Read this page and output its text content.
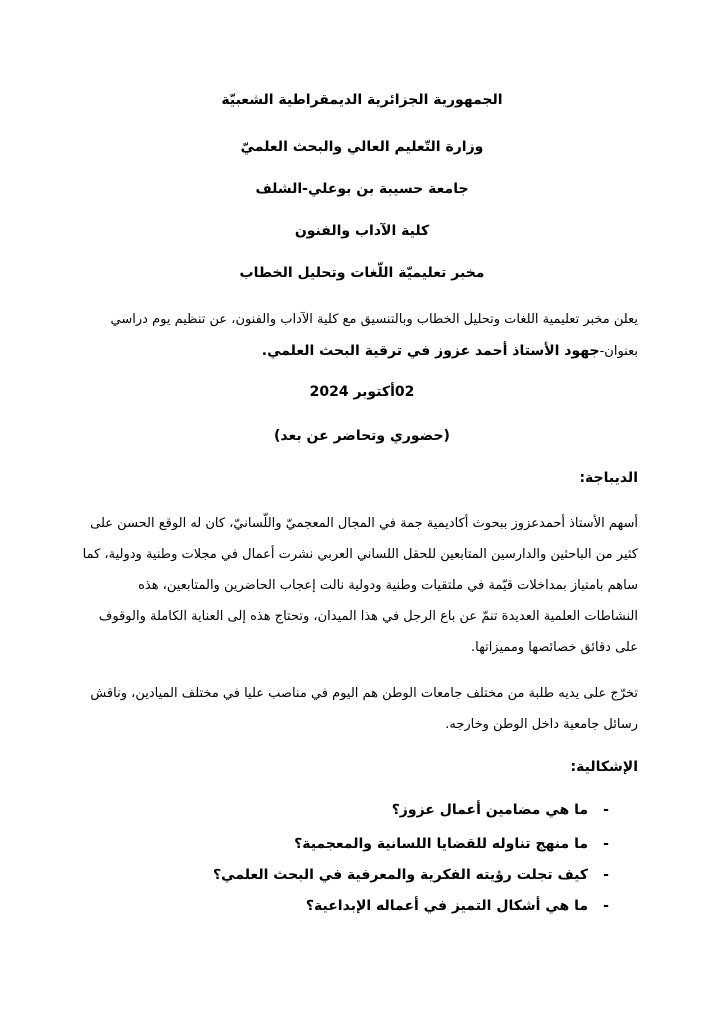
الجمهورية الجزائرية الديمقراطية الشعبيّة
وزارة التّعليم العالي والبحث العلميّ
جامعة حسيبة بن بوعلي-الشلف
كلية الآداب والفنون
مخبر تعليميّة اللّغات وتحليل الخطاب
يعلن مخبر تعليمية اللغات وتحليل الخطاب وبالتنسيق مع كلية الآداب والفنون، عن تنظيم يوم دراسي
بعنوان-جهود الأستاذ أحمد عزوز في ترقية البحث العلمي.
02أكتوبر 2024
(حضوري وتحاضر عن بعد)
الديباجة:
أسهم الأستاذ أحمدعزوز ببحوث أكاديمية جمة في المجال المعجميّ واللّسانيّ، كان له الوقع الحسن على
كثير من الباحثين والدارسين المتابعين للحقل اللساني العربي نشرت أعمال في مجلات وطنية ودولية، كما
ساهم بامتياز بمداخلات قيّمة في ملتقيات وطنية ودولية نالت إعجاب الحاضرين والمتابعين، هذه
النشاطات العلمية العديدة تنمّ عن باع الرجل في هذا الميدان، وتحتاج هذه إلى العناية الكاملة والوقوف
على دقائق خصائصها ومميزاتها.
تخرّج على يديه طلبة من مختلف جامعات الوطن هم اليوم في مناصب عليا في مختلف الميادين، وناقش
رسائل جامعية داخل الوطن وخارجه.
الإشكالية:
-
ما هي مضامين أعمال عزوز؟
-
ما منهج تناوله للقضايا اللسانية والمعجمية؟
-
كيف تجلت رؤيته الفكرية والمعرفية في البحث العلمي؟
-
ما هي أشكال التميز في أعماله الإبداعية؟
